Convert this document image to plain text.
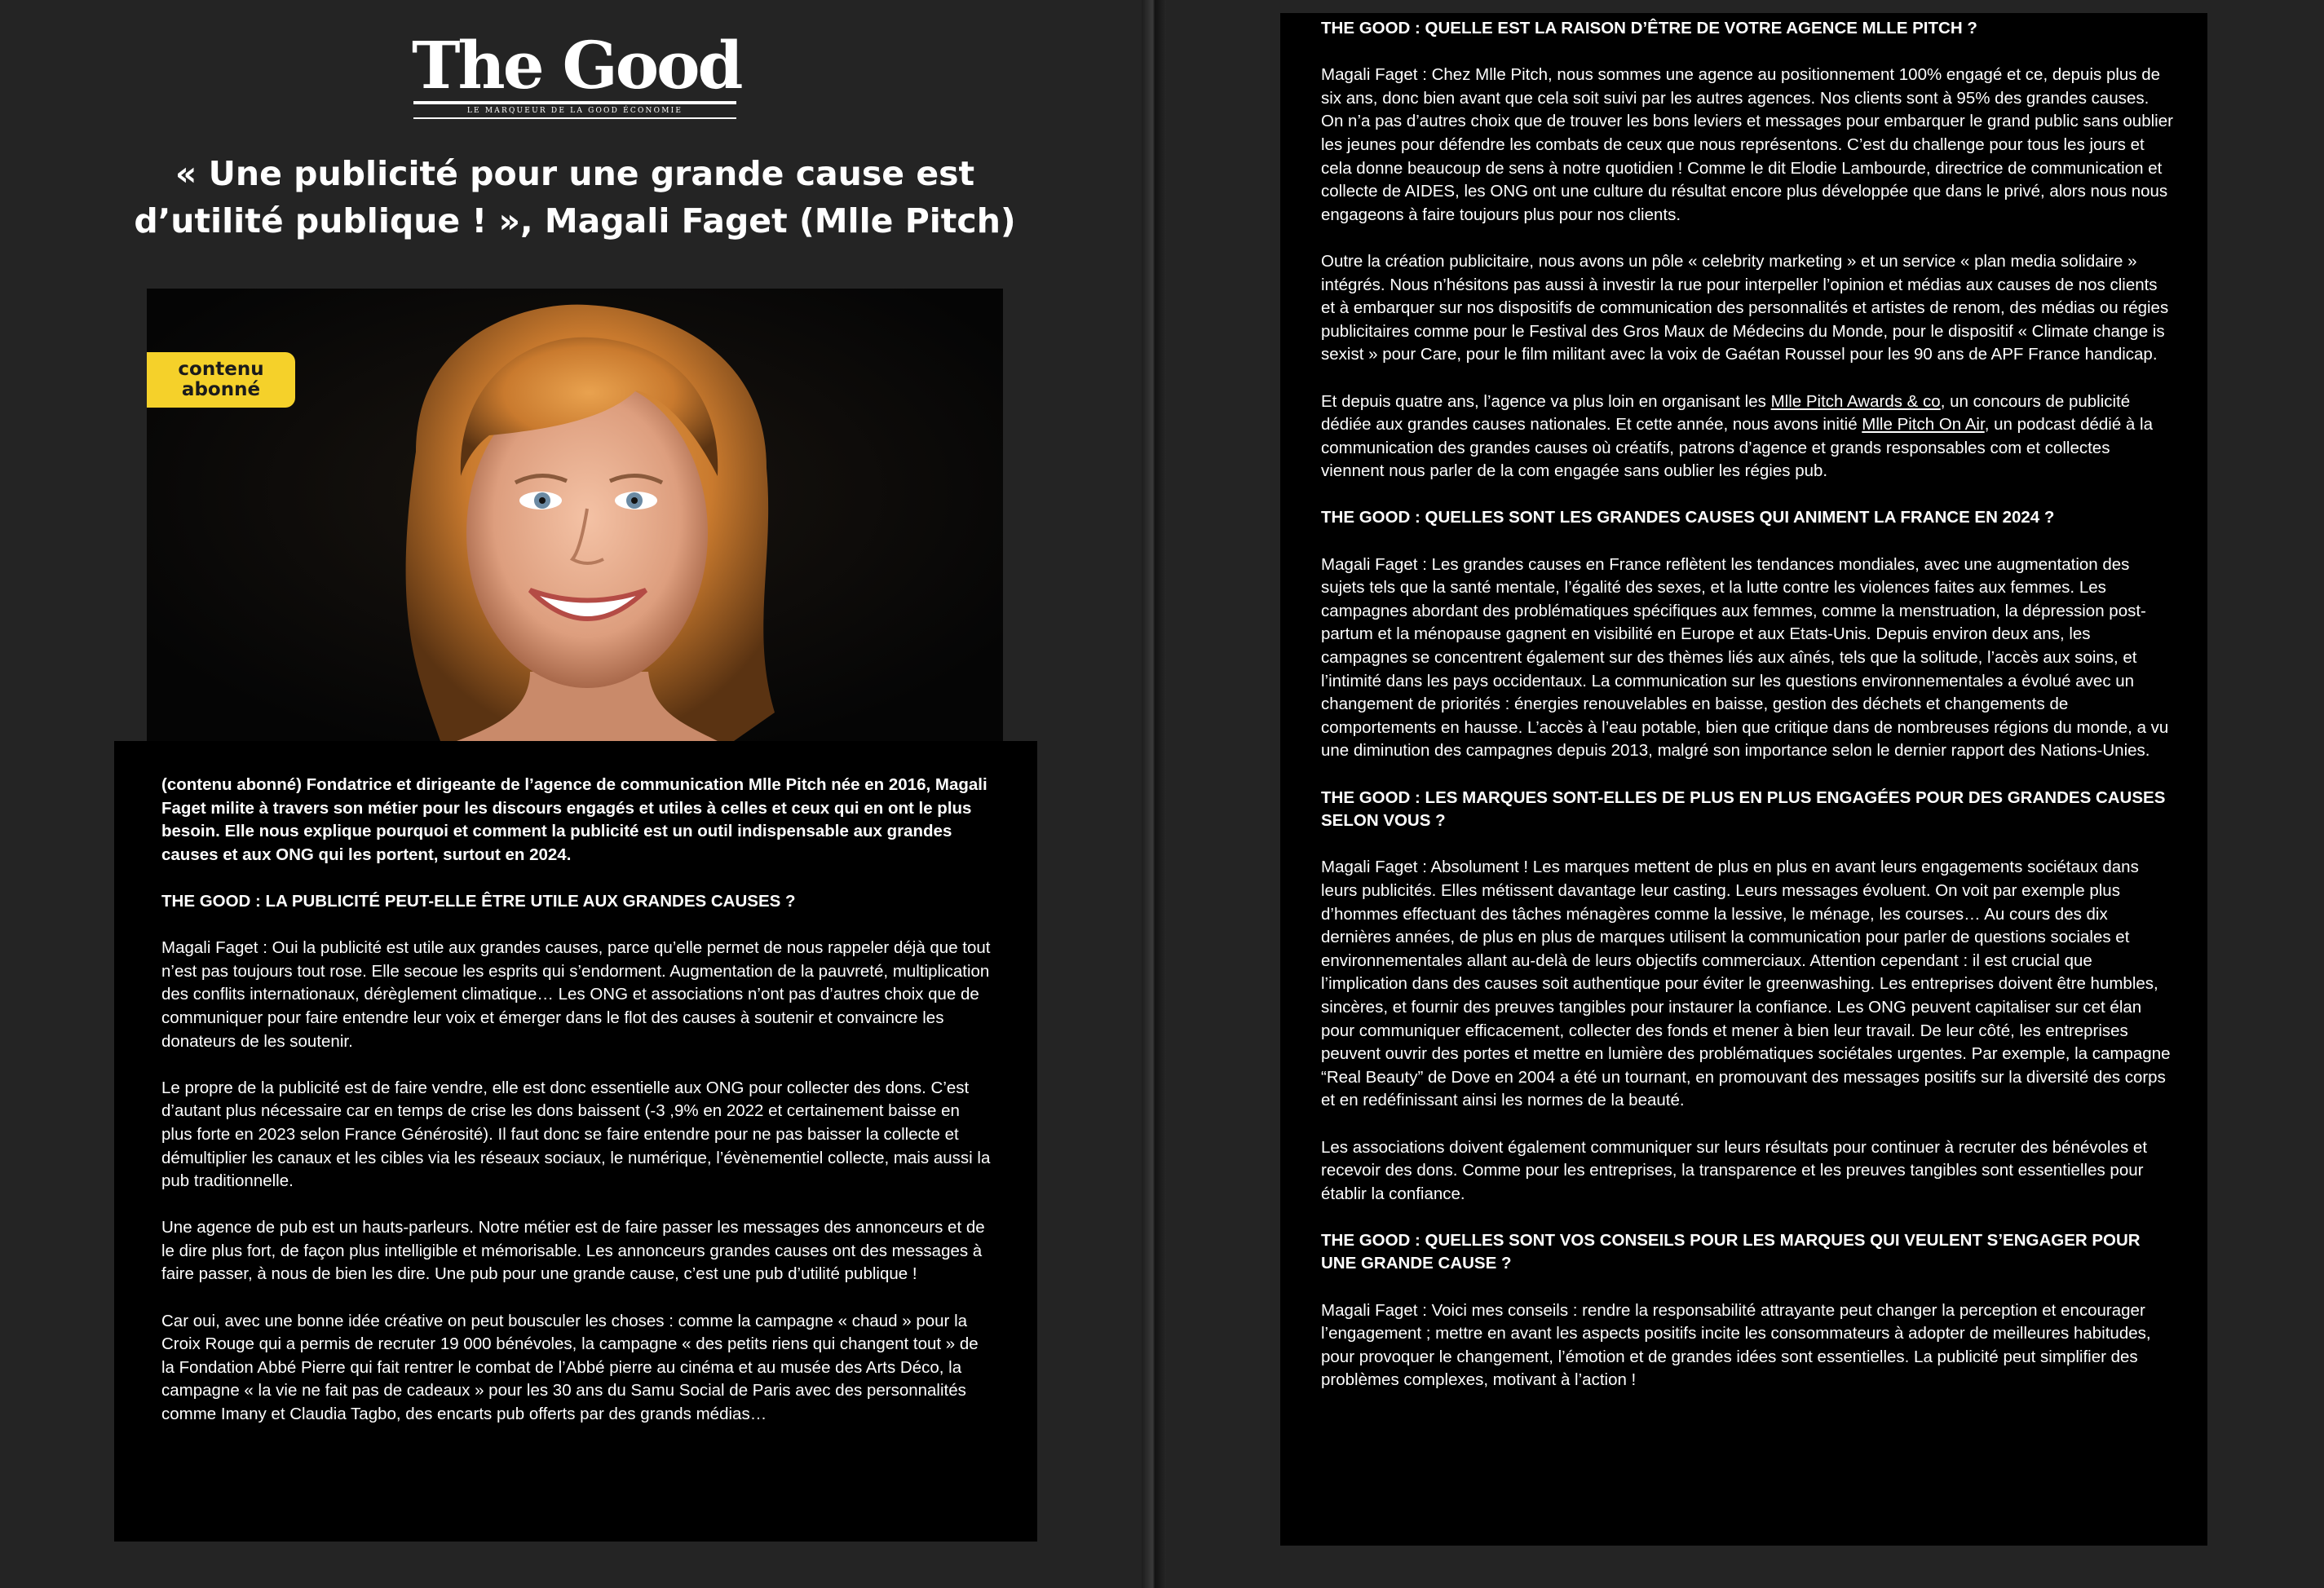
The Good
LE MARQUEUR DE LA GOOD ÉCONOMIE
« Une publicité pour une grande cause est d’utilité publique ! », Magali Faget (Mlle Pitch)
contenu abonné

(contenu abonné) Fondatrice et dirigeante de l’agence de communication Mlle Pitch née en 2016, Magali Faget milite à travers son métier pour les discours engagés et utiles à celles et ceux qui en ont le plus besoin. Elle nous explique pourquoi et comment la publicité est un outil indispensable aux grandes causes et aux ONG qui les portent, surtout en 2024.

THE GOOD : LA PUBLICITÉ PEUT-ELLE ÊTRE UTILE AUX GRANDES CAUSES ?

Magali Faget : Oui la publicité est utile aux grandes causes, parce qu’elle permet de nous rappeler déjà que tout n’est pas toujours tout rose. Elle secoue les esprits qui s’endorment. Augmentation de la pauvreté, multiplication des conflits internationaux, dérèglement climatique… Les ONG et associations n’ont pas d’autres choix que de communiquer pour faire entendre leur voix et émerger dans le flot des causes à soutenir et convaincre les donateurs de les soutenir.

Le propre de la publicité est de faire vendre, elle est donc essentielle aux ONG pour collecter des dons. C’est d’autant plus nécessaire car en temps de crise les dons baissent (-3 ,9% en 2022 et certainement baisse en plus forte en 2023 selon France Générosité). Il faut donc se faire entendre pour ne pas baisser la collecte et démultiplier les canaux et les cibles via les réseaux sociaux, le numérique, l’évènementiel collecte, mais aussi la pub traditionnelle.

Une agence de pub est un hauts-parleurs. Notre métier est de faire passer les messages des annonceurs et de le dire plus fort, de façon plus intelligible et mémorisable. Les annonceurs grandes causes ont des messages à faire passer, à nous de bien les dire. Une pub pour une grande cause, c’est une pub d’utilité publique !

Car oui, avec une bonne idée créative on peut bousculer les choses : comme la campagne « chaud » pour la Croix Rouge qui a permis de recruter 19 000 bénévoles, la campagne « des petits riens qui changent tout » de la Fondation Abbé Pierre qui fait rentrer le combat de l’Abbé pierre au cinéma et au musée des Arts Déco, la campagne « la vie ne fait pas de cadeaux » pour les 30 ans du Samu Social de Paris avec des personnalités comme Imany et Claudia Tagbo, des encarts pub offerts par des grands médias…

THE GOOD : QUELLE EST LA RAISON D’ÊTRE DE VOTRE AGENCE MLLE PITCH ?

Magali Faget : Chez Mlle Pitch, nous sommes une agence au positionnement 100% engagé et ce, depuis plus de six ans, donc bien avant que cela soit suivi par les autres agences. Nos clients sont à 95% des grandes causes. On n’a pas d’autres choix que de trouver les bons leviers et messages pour embarquer le grand public sans oublier les jeunes pour défendre les combats de ceux que nous représentons. C’est du challenge pour tous les jours et cela donne beaucoup de sens à notre quotidien ! Comme le dit Elodie Lambourde, directrice de communication et collecte de AIDES, les ONG ont une culture du résultat encore plus développée que dans le privé, alors nous nous engageons à faire toujours plus pour nos clients.

Outre la création publicitaire, nous avons un pôle « celebrity marketing » et un service « plan media solidaire » intégrés. Nous n’hésitons pas aussi à investir la rue pour interpeller l’opinion et médias aux causes de nos clients et à embarquer sur nos dispositifs de communication des personnalités et artistes de renom, des médias ou régies publicitaires comme pour le Festival des Gros Maux de Médecins du Monde, pour le dispositif « Climate change is sexist » pour Care, pour le film militant avec la voix de Gaétan Roussel pour les 90 ans de APF France handicap.

Et depuis quatre ans, l’agence va plus loin en organisant les Mlle Pitch Awards & co, un concours de publicité dédiée aux grandes causes nationales. Et cette année, nous avons initié Mlle Pitch On Air, un podcast dédié à la communication des grandes causes où créatifs, patrons d’agence et grands responsables com et collectes viennent nous parler de la com engagée sans oublier les régies pub.

THE GOOD : QUELLES SONT LES GRANDES CAUSES QUI ANIMENT LA FRANCE EN 2024 ?

Magali Faget : Les grandes causes en France reflètent les tendances mondiales, avec une augmentation des sujets tels que la santé mentale, l’égalité des sexes, et la lutte contre les violences faites aux femmes. Les campagnes abordant des problématiques spécifiques aux femmes, comme la menstruation, la dépression post-partum et la ménopause gagnent en visibilité en Europe et aux Etats-Unis. Depuis environ deux ans, les campagnes se concentrent également sur des thèmes liés aux aînés, tels que la solitude, l’accès aux soins, et l’intimité dans les pays occidentaux. La communication sur les questions environnementales a évolué avec un changement de priorités : énergies renouvelables en baisse, gestion des déchets et changements de comportements en hausse. L’accès à l’eau potable, bien que critique dans de nombreuses régions du monde, a vu une diminution des campagnes depuis 2013, malgré son importance selon le dernier rapport des Nations-Unies.

THE GOOD : LES MARQUES SONT-ELLES DE PLUS EN PLUS ENGAGÉES POUR DES GRANDES CAUSES SELON VOUS ?

Magali Faget : Absolument ! Les marques mettent de plus en plus en avant leurs engagements sociétaux dans leurs publicités. Elles métissent davantage leur casting. Leurs messages évoluent. On voit par exemple plus d’hommes effectuant des tâches ménagères comme la lessive, le ménage, les courses… Au cours des dix dernières années, de plus en plus de marques utilisent la communication pour parler de questions sociales et environnementales allant au-delà de leurs objectifs commerciaux. Attention cependant : il est crucial que l’implication dans des causes soit authentique pour éviter le greenwashing. Les entreprises doivent être humbles, sincères, et fournir des preuves tangibles pour instaurer la confiance. Les ONG peuvent capitaliser sur cet élan pour communiquer efficacement, collecter des fonds et mener à bien leur travail. De leur côté, les entreprises peuvent ouvrir des portes et mettre en lumière des problématiques sociétales urgentes. Par exemple, la campagne “Real Beauty” de Dove en 2004 a été un tournant, en promouvant des messages positifs sur la diversité des corps et en redéfinissant ainsi les normes de la beauté.

Les associations doivent également communiquer sur leurs résultats pour continuer à recruter des bénévoles et recevoir des dons. Comme pour les entreprises, la transparence et les preuves tangibles sont essentielles pour établir la confiance.

THE GOOD : QUELLES SONT VOS CONSEILS POUR LES MARQUES QUI VEULENT S’ENGAGER POUR UNE GRANDE CAUSE ?

Magali Faget : Voici mes conseils : rendre la responsabilité attrayante peut changer la perception et encourager l’engagement ; mettre en avant les aspects positifs incite les consommateurs à adopter de meilleures habitudes, pour provoquer le changement, l’émotion et de grandes idées sont essentielles. La publicité peut simplifier des problèmes complexes, motivant à l’action !
